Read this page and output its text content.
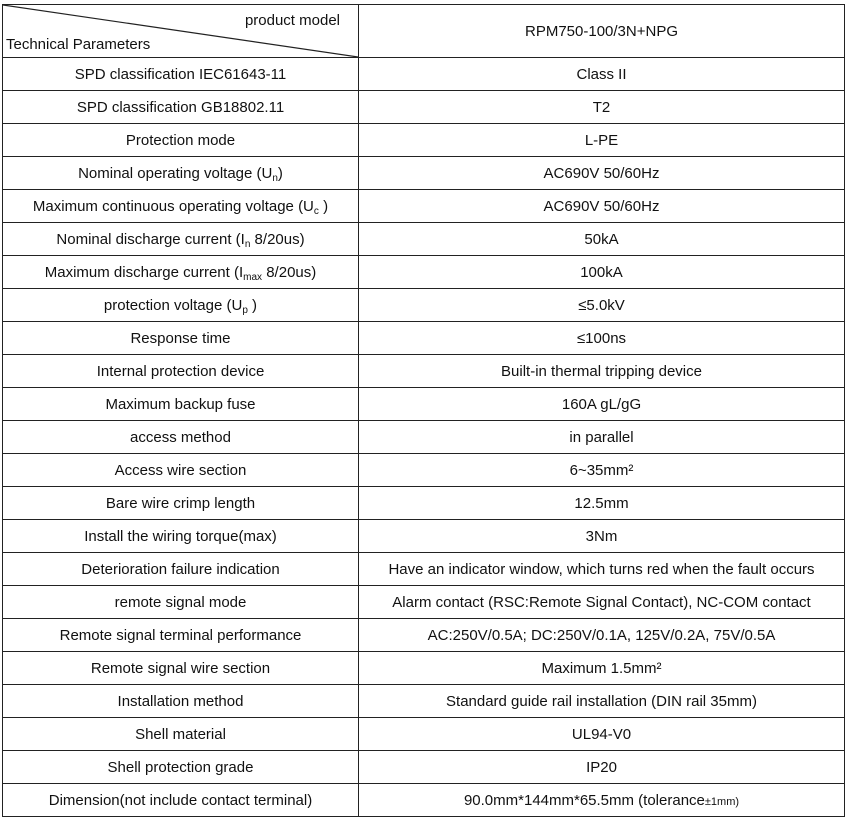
product model
Technical Parameters	RPM750-100/3N+NPG
SPD classification IEC61643-11	Class II
SPD classification GB18802.11	T2
Protection mode	L-PE
Nominal operating voltage $(U_n)$	AC690V 50/60Hz
Maximum continuous operating voltage ($U_c$ )	AC690V 50/60Hz
Nominal discharge current ($I_n$ 8/20us)	50kA
Maximum discharge current ($I_{max}$ 8/20us)	100kA
protection voltage ($U_p$ )	≤5.0kV
Response time	≤100ns
Internal protection device	Built-in thermal tripping device
Maximum backup fuse	160A gL/gG
access method	in parallel
Access wire section	6~35mm²
Bare wire crimp length	12.5mm
Install the wiring torque(max)	3Nm
Deterioration failure indication	Have an indicator window, which turns red when the fault occurs
remote signal mode	Alarm contact (RSC:Remote Signal Contact), NC-COM contact
Remote signal terminal performance	AC:250V/0.5A; DC:250V/0.1A, 125V/0.2A, 75V/0.5A
Remote signal wire section	Maximum 1.5mm²
Installation method	Standard guide rail installation (DIN rail 35mm)
Shell material	UL94-V0
Shell protection grade	IP20
Dimension(not include contact terminal)	90.0mm*144mm*65.5mm (tolerance±1mm)
